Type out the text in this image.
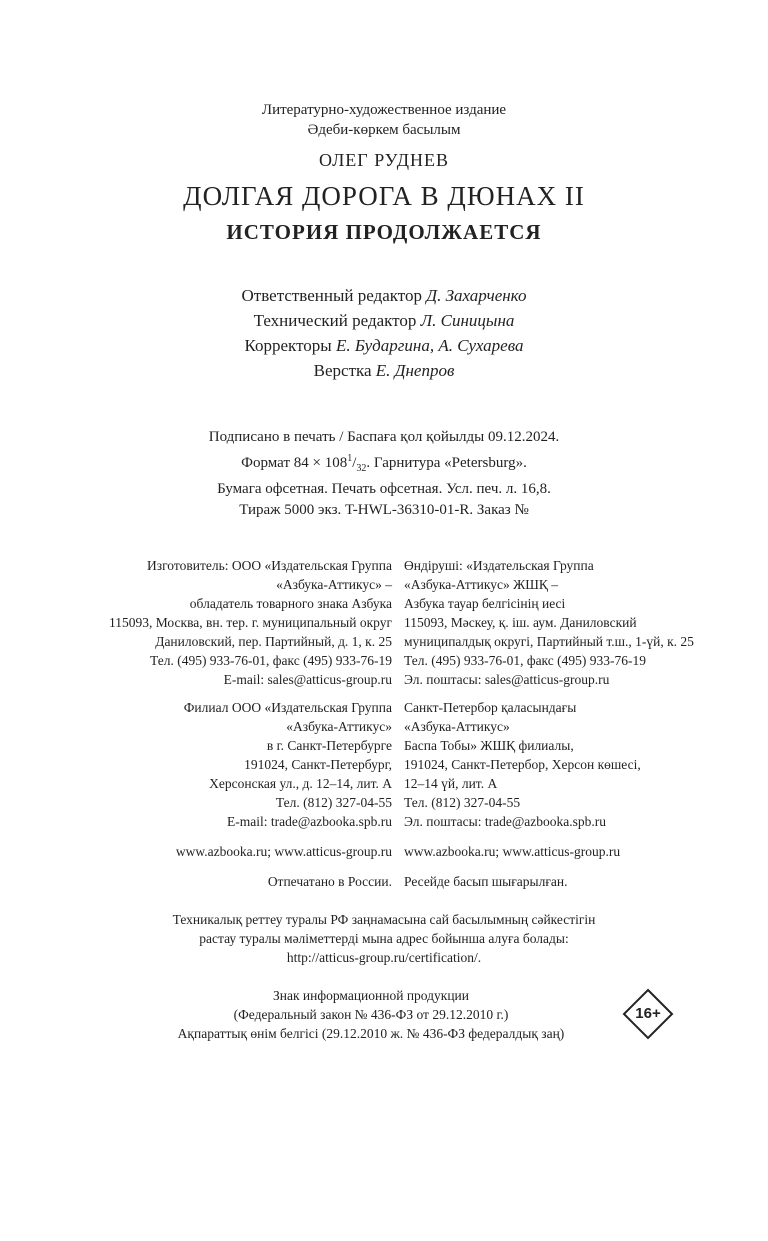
Литературно-художественное издание
Әдеби-көркем басылым
ОЛЕГ РУДНЕВ
ДОЛГАЯ ДОРОГА В ДЮНАХ II
ИСТОРИЯ ПРОДОЛЖАЕТСЯ
Ответственный редактор Д. Захарченко
Технический редактор Л. Синицына
Корректоры Е. Бударгина, А. Сухарева
Верстка Е. Днепров
Подписано в печать / Баспаға қол қойылды 09.12.2024.
Формат $84 \times 108^1/_{32}$. Гарнитура «Petersburg».
Бумага офсетная. Печать офсетная. Усл. печ. л. 16,8.
Тираж 5000 экз. T-HWL-36310-01-R. Заказ №
Изготовитель: ООО «Издательская Группа
«Азбука-Аттикус» –
обладатель товарного знака Азбука
115093, Москва, вн. тер. г. муниципальный округ
Даниловский, пер. Партийный, д. 1, к. 25
Тел. (495) 933-76-01, факс (495) 933-76-19
E-mail: sales@atticus-group.ru
Өндіруші: «Издательская Группа
«Азбука-Аттикус» ЖШҚ –
Азбука тауар белгісінің иесі
115093, Мәскеу, қ. іш. аум. Даниловский
муниципалдық округі, Партийный т.ш., 1-үй, к. 25
Тел. (495) 933-76-01, факс (495) 933-76-19
Эл. поштасы: sales@atticus-group.ru
Филиал ООО «Издательская Группа
«Азбука-Аттикус»
в г. Санкт-Петербурге
191024, Санкт-Петербург,
Херсонская ул., д. 12–14, лит. А
Тел. (812) 327-04-55
E-mail: trade@azbooka.spb.ru
Санкт-Петербор қаласындағы
«Азбука-Аттикус»
Баспа Тобы» ЖШҚ филиалы,
191024, Санкт-Петербор, Херсон көшесі,
12–14 үй, лит. А
Тел. (812) 327-04-55
Эл. поштасы: trade@azbooka.spb.ru
www.azbooka.ru; www.atticus-group.ru www.azbooka.ru; www.atticus-group.ru
Отпечатано в России. Ресейде басып шығарылған.
Техникалық реттеу туралы РФ заңнамасына сай басылымның сәйкестігін
растау туралы мәліметтерді мына адрес бойынша алуға болады:
http://atticus-group.ru/certification/.
Знак информационной продукции
(Федеральный закон № 436-ФЗ от 29.12.2010 г.)
Ақпараттық өнім белгісі (29.12.2010 ж. № 436-ФЗ федералдық заң)
16+
